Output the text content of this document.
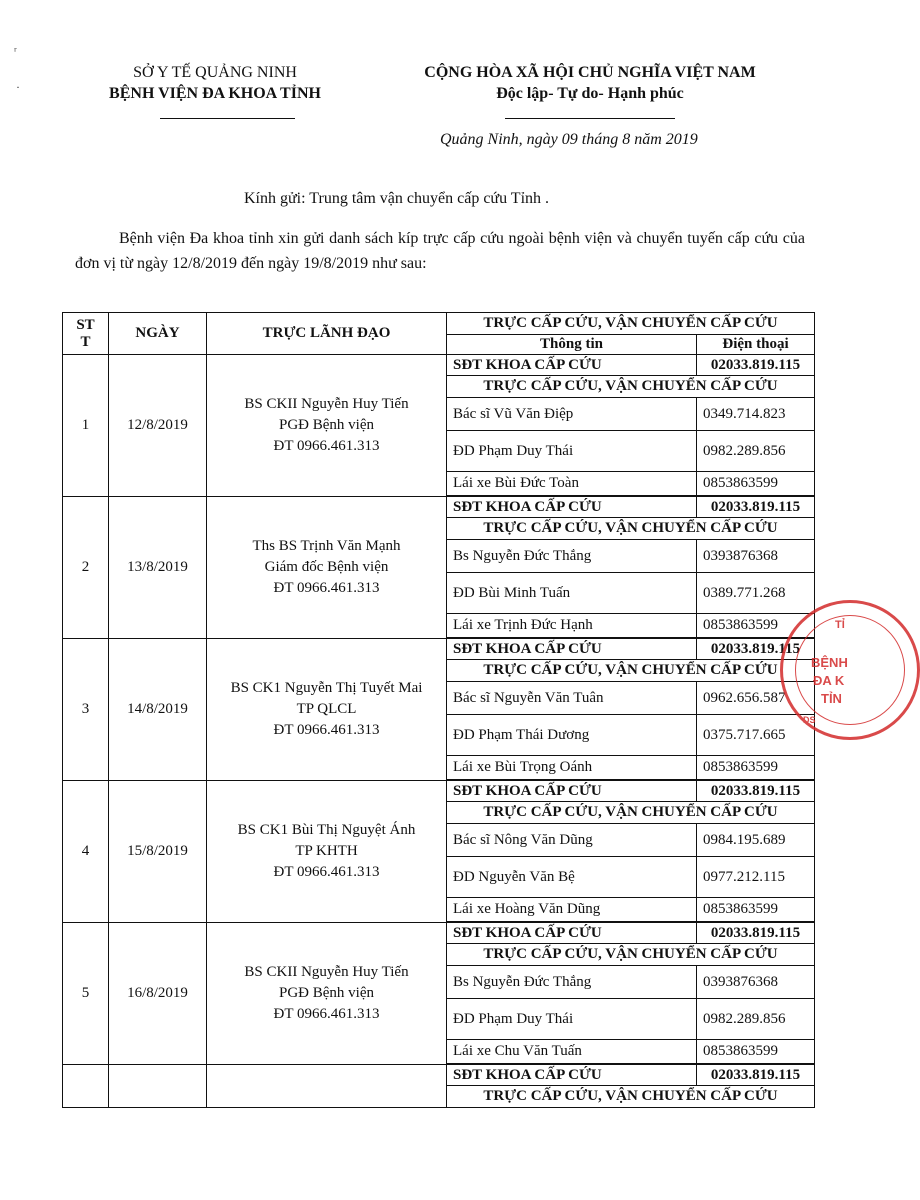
ʳ
·
SỞ Y TẾ QUẢNG NINH
BỆNH VIỆN ĐA KHOA TỈNH
CỘNG HÒA XÃ HỘI CHỦ NGHĨA VIỆT NAM
Độc lập- Tự do- Hạnh phúc
Quảng Ninh, ngày 09 tháng 8 năm 2019
Kính gửi: Trung tâm vận chuyển cấp cứu Tỉnh .
Bệnh viện Đa khoa tỉnh xin gửi danh sách kíp trực cấp cứu ngoài bệnh viện và chuyển tuyến cấp cứu của đơn vị từ ngày 12/8/2019 đến ngày 19/8/2019 như sau:
ST T	NGÀY	TRỰC LÃNH ĐẠO	TRỰC CẤP CỨU, VẬN CHUYỂN CẤP CỨU	
			Thông tin	Điện thoại
1	12/8/2019	BS CKII Nguyễn Huy Tiến
PGĐ Bệnh viện
ĐT 0966.461.313	SĐT KHOA CẤP CỨU	02033.819.115
			TRỰC CẤP CỨU, VẬN CHUYỂN CẤP CỨU	
			Bác sĩ Vũ Văn Điệp	0349.714.823
			ĐD Phạm Duy Thái	0982.289.856
			Lái xe Bùi Đức Toàn	0853863599

2	13/8/2019	Ths BS Trịnh Văn Mạnh
Giám đốc Bệnh viện
ĐT 0966.461.313	SĐT KHOA CẤP CỨU	02033.819.115
			TRỰC CẤP CỨU, VẬN CHUYỂN CẤP CỨU	
			Bs Nguyễn Đức Thắng	0393876368
			ĐD Bùi Minh Tuấn	0389.771.268
			Lái xe Trịnh Đức Hạnh	0853863599

3	14/8/2019	BS CK1 Nguyễn Thị Tuyết Mai
TP QLCL
ĐT 0966.461.313	SĐT KHOA CẤP CỨU	02033.819.115
			TRỰC CẤP CỨU, VẬN CHUYỂN CẤP CỨU	
			Bác sĩ Nguyễn Văn Tuân	0962.656.587
			ĐD Phạm Thái Dương	0375.717.665
			Lái xe Bùi Trọng Oánh	0853863599

4	15/8/2019	BS CK1 Bùi Thị Nguyệt Ánh
TP KHTH
ĐT 0966.461.313	SĐT KHOA CẤP CỨU	02033.819.115
			TRỰC CẤP CỨU, VẬN CHUYỂN CẤP CỨU	
			Bác sĩ Nông Văn Dũng	0984.195.689
			ĐD Nguyễn Văn Bệ	0977.212.115
			Lái xe Hoàng Văn Dũng	0853863599

5	16/8/2019	BS CKII Nguyễn Huy Tiến
PGĐ Bệnh viện
ĐT 0966.461.313	SĐT KHOA CẤP CỨU	02033.819.115
			TRỰC CẤP CỨU, VẬN CHUYỂN CẤP CỨU	
			Bs Nguyễn Đức Thắng	0393876368
			ĐD Phạm Duy Thái	0982.289.856
			Lái xe Chu Văn Tuấn	0853863599

			SĐT KHOA CẤP CỨU	02033.819.115
			TRỰC CẤP CỨU, VẬN CHUYỂN CẤP CỨU	
TỈ
BỆNH
ĐA K
TỈN
DS
